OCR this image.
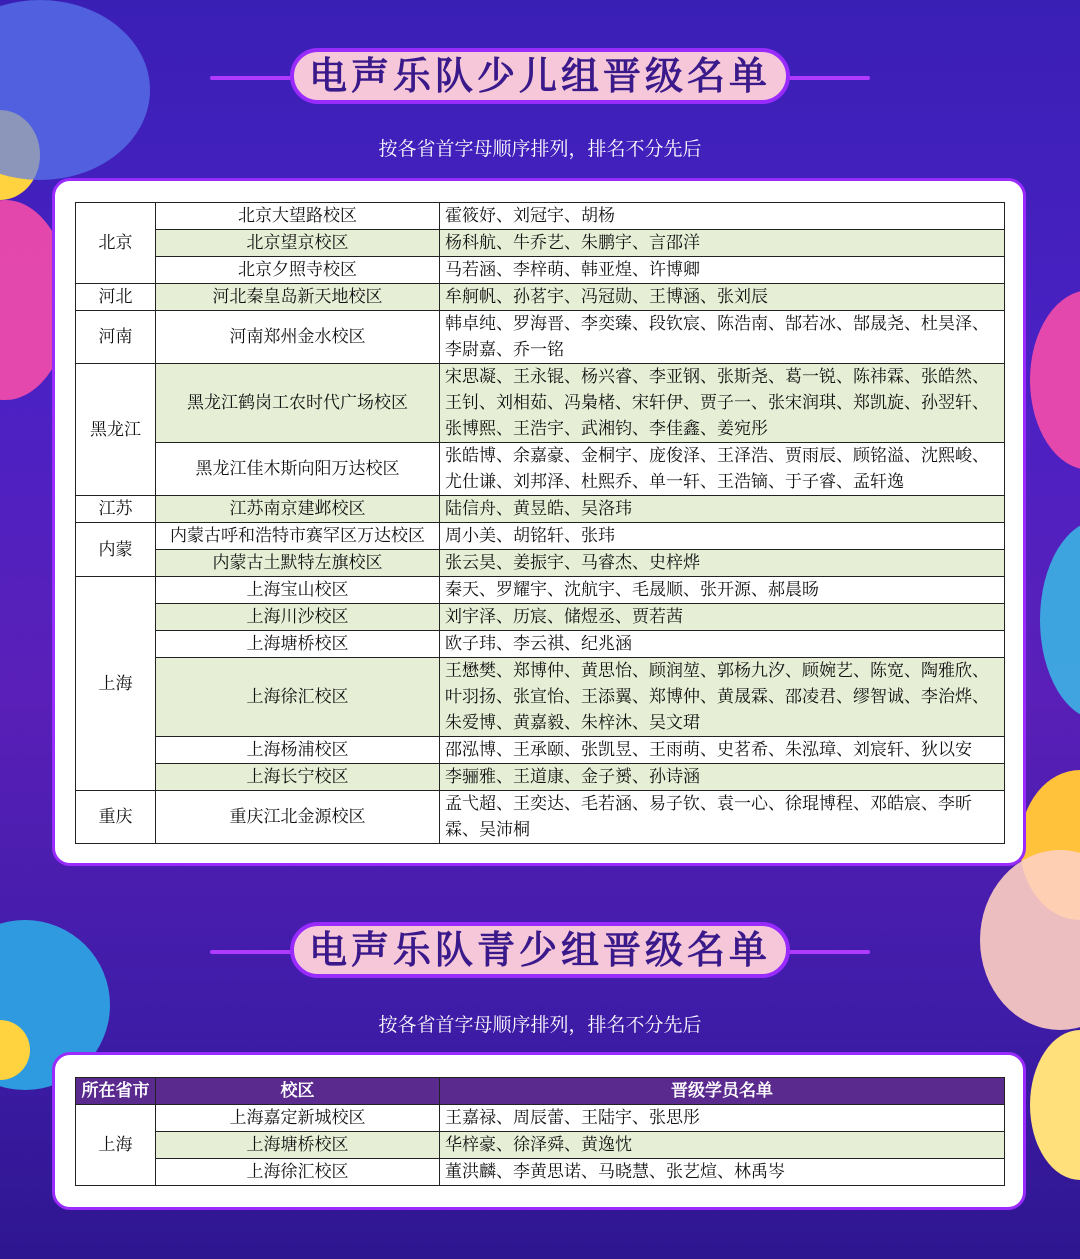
电声乐队少儿组晋级名单
按各省首字母顺序排列，排名不分先后
北京	北京大望路校区	霍筱妤、刘冠宇、胡杨
	北京望京校区	杨科航、牛乔艺、朱鹏宇、言邵洋
	北京夕照寺校区	马若涵、李梓萌、韩亚煌、许博卿
河北	河北秦皇岛新天地校区	牟舸帆、孙茗宇、冯冠勋、王博涵、张刘辰
河南	河南郑州金水校区	韩卓纯、罗海晋、李奕臻、段钦宸、陈浩南、郜若冰、郜晟尧、杜昊泽、李尉嘉、乔一铭
黑龙江	黑龙江鹤岗工农时代广场校区	宋思凝、王永锟、杨兴睿、李亚钢、张斯尧、葛一锐、陈祎霖、张皓然、王钊、刘相茹、冯梟楮、宋轩伊、贾子一、张宋润琪、郑凯旋、孙翌轩、张博熙、王浩宇、武湘钧、李佳鑫、姜宛彤
	黑龙江佳木斯向阳万达校区	张皓博、余嘉豪、金桐宇、庞俊泽、王泽浩、贾雨辰、顾铭溢、沈熙峻、尤仕谦、刘邦泽、杜熙乔、单一轩、王浩镝、于子睿、孟轩逸
江苏	江苏南京建邺校区	陆信舟、黄昱皓、吴洛玮
内蒙	内蒙古呼和浩特市赛罕区万达校区	周小美、胡铭轩、张玮
	内蒙古土默特左旗校区	张云昊、姜振宇、马睿杰、史梓烨
上海	上海宝山校区	秦天、罗耀宇、沈航宇、毛晟顺、张开源、郝晨旸
	上海川沙校区	刘宇泽、历宸、储煜丞、贾若茜
	上海塘桥校区	欧子玮、李云祺、纪兆涵
	上海徐汇校区	王懋樊、郑博仲、黄思怡、顾润堃、郭杨九汐、顾婉艺、陈宽、陶雅欣、叶羽扬、张宣怡、王添翼、郑博仲、黄晟霖、邵凌君、缪智诚、李治烨、朱爱博、黄嘉毅、朱梓沐、吴文珺
	上海杨浦校区	邵泓博、王承颐、张凯昱、王雨萌、史茗希、朱泓璋、刘宸轩、狄以安
	上海长宁校区	李骊雅、王道康、金子赟、孙诗涵
重庆	重庆江北金源校区	孟弋超、王奕达、毛若涵、易子钦、袁一心、徐琨博程、邓皓宸、李昕霖、吴沛桐
电声乐队青少组晋级名单
按各省首字母顺序排列，排名不分先后
所在省市	校区	晋级学员名单
上海	上海嘉定新城校区	王嘉禄、周辰蕾、王陆宇、张思彤
	上海塘桥校区	华梓豪、徐泽舜、黄逸忱
	上海徐汇校区	董洪麟、李黄思诺、马晓慧、张艺煊、林禹岑
